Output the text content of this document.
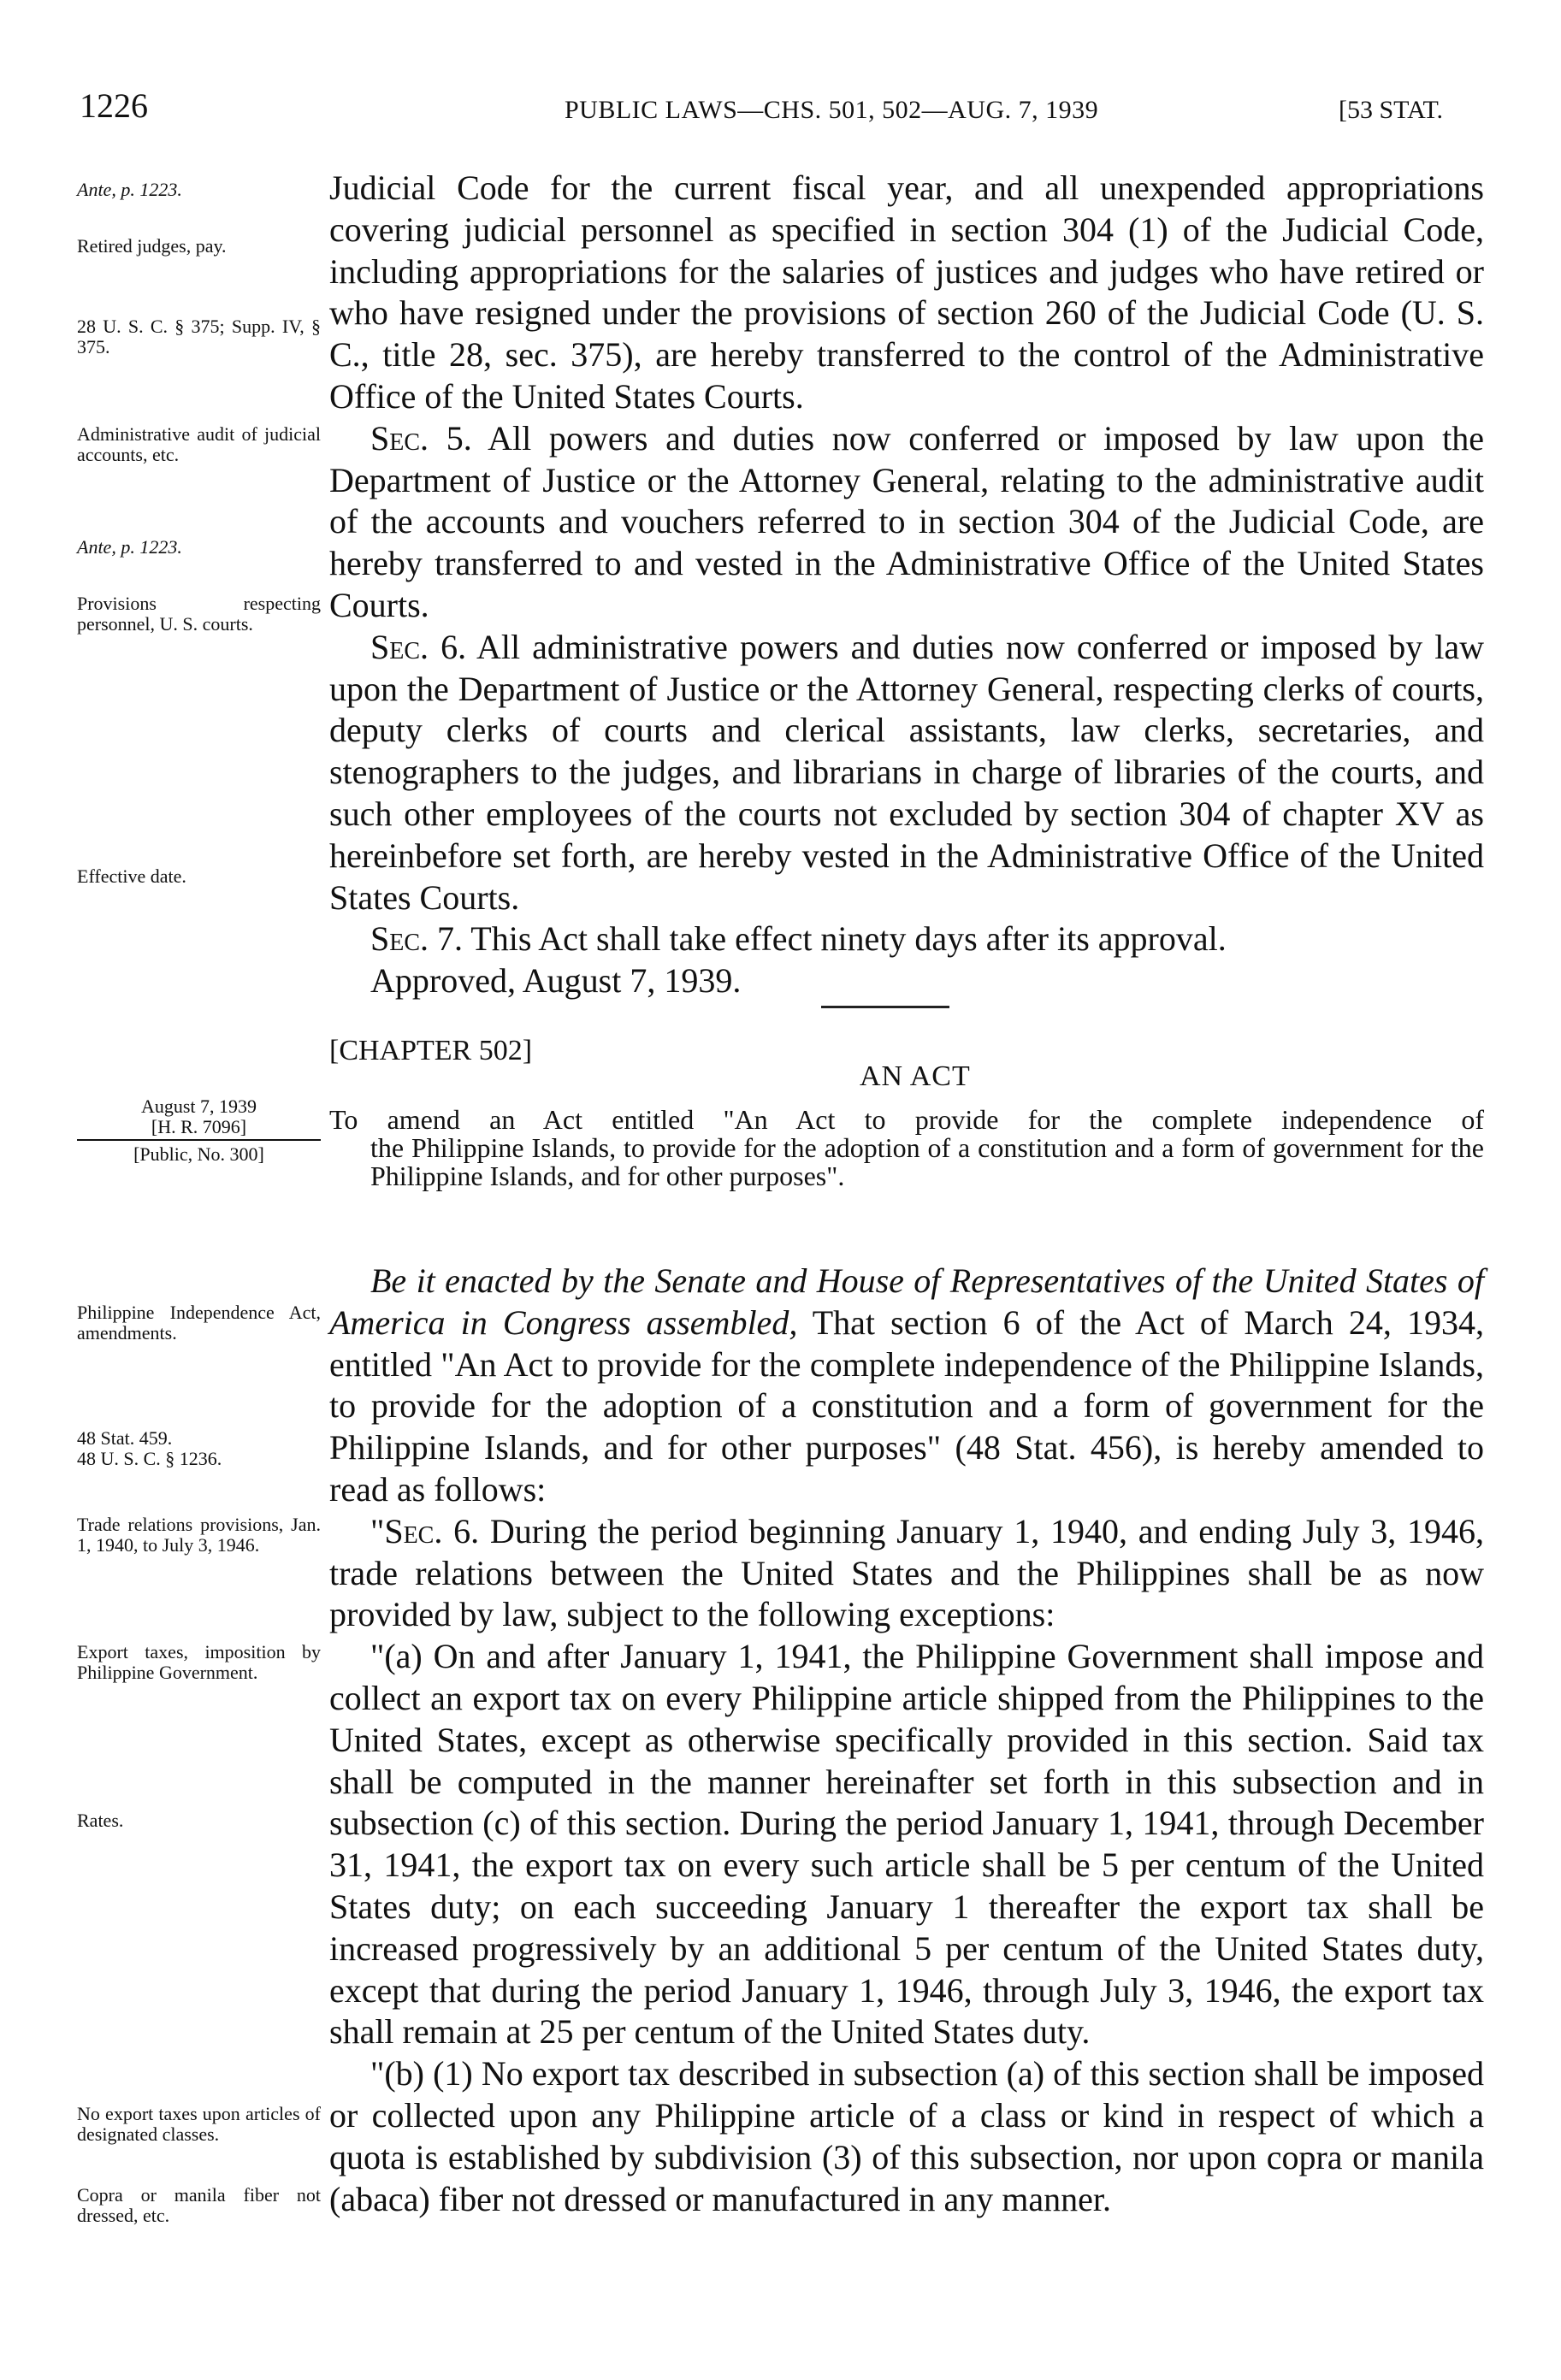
1226	PUBLIC LAWS—CHS. 501, 502—AUG. 7, 1939	[53 STAT.
Ante, p. 1223.
Retired judges, pay.
28 U. S. C. § 375; Supp. IV, § 375.
Administrative audit of judicial accounts, etc.
Ante, p. 1223.
Provisions respecting personnel, U. S. courts.
Effective date.
August 7, 1939
[H. R. 7096]
[Public, No. 300]
Philippine Independence Act, amendments.
48 Stat. 459.
48 U. S. C. § 1236.
Trade relations provisions, Jan. 1, 1940, to July 3, 1946.
Export taxes, imposition by Philippine Government.
Rates.
No export taxes upon articles of designated classes.
Copra or manila fiber not dressed, etc.

Judicial Code for the current fiscal year, and all unexpended appropriations covering judicial personnel as specified in section 304 (1) of the Judicial Code, including appropriations for the salaries of justices and judges who have retired or who have resigned under the provisions of section 260 of the Judicial Code (U. S. C., title 28, sec. 375), are hereby transferred to the control of the Administrative Office of the United States Courts.

Sec. 5. All powers and duties now conferred or imposed by law upon the Department of Justice or the Attorney General, relating to the administrative audit of the accounts and vouchers referred to in section 304 of the Judicial Code, are hereby transferred to and vested in the Administrative Office of the United States Courts.

Sec. 6. All administrative powers and duties now conferred or imposed by law upon the Department of Justice or the Attorney General, respecting clerks of courts, deputy clerks of courts and clerical assistants, law clerks, secretaries, and stenographers to the judges, and librarians in charge of libraries of the courts, and such other employees of the courts not excluded by section 304 of chapter XV as hereinbefore set forth, are hereby vested in the Administrative Office of the United States Courts.

Sec. 7. This Act shall take effect ninety days after its approval.

Approved, August 7, 1939.

[CHAPTER 502]
AN ACT
To amend an Act entitled "An Act to provide for the complete independence of
the Philippine Islands, to provide for the adoption of a constitution and a form of government for the Philippine Islands, and for other purposes".

Be it enacted by the Senate and House of Representatives of the United States of America in Congress assembled, That section 6 of the Act of March 24, 1934, entitled "An Act to provide for the complete independence of the Philippine Islands, to provide for the adoption of a constitution and a form of government for the Philippine Islands, and for other purposes" (48 Stat. 456), is hereby amended to read as follows:

"Sec. 6. During the period beginning January 1, 1940, and ending July 3, 1946, trade relations between the United States and the Philippines shall be as now provided by law, subject to the following exceptions:

"(a) On and after January 1, 1941, the Philippine Government shall impose and collect an export tax on every Philippine article shipped from the Philippines to the United States, except as otherwise specifically provided in this section. Said tax shall be computed in the manner hereinafter set forth in this subsection and in subsection (c) of this section. During the period January 1, 1941, through December 31, 1941, the export tax on every such article shall be 5 per centum of the United States duty; on each succeeding January 1 thereafter the export tax shall be increased progressively by an additional 5 per centum of the United States duty, except that during the period January 1, 1946, through July 3, 1946, the export tax shall remain at 25 per centum of the United States duty.

"(b) (1) No export tax described in subsection (a) of this section shall be imposed or collected upon any Philippine article of a class or kind in respect of which a quota is established by subdivision (3) of this subsection, nor upon copra or manila (abaca) fiber not dressed or manufactured in any manner.
